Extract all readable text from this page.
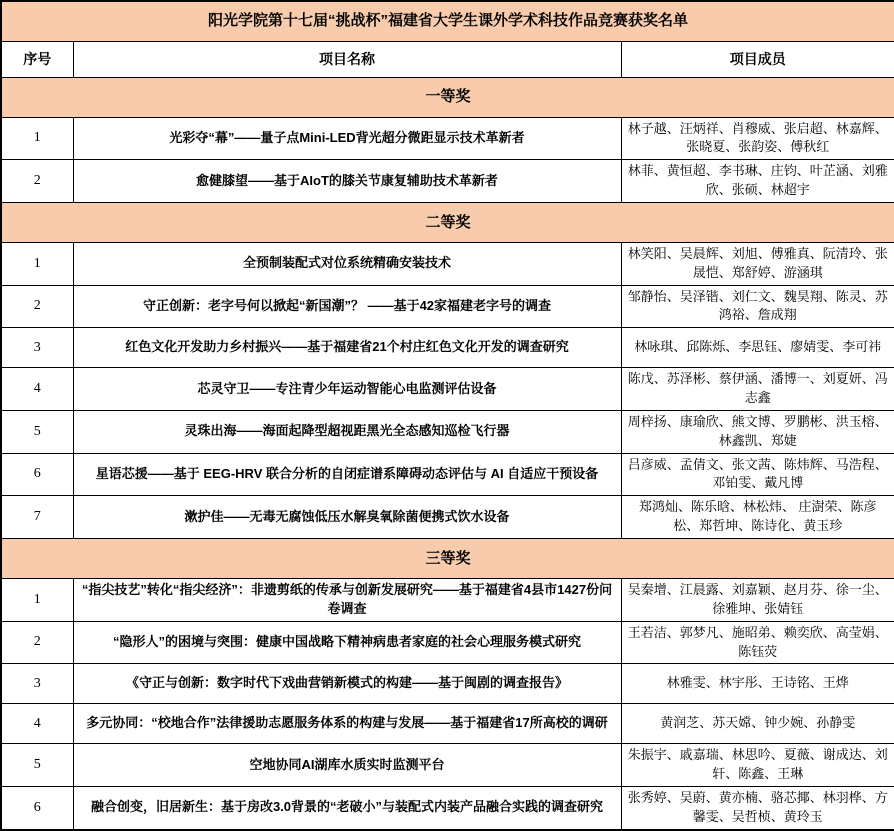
阳光学院第十七届“挑战杯”福建省大学生课外学术科技作品竞赛获奖名单		
序号	项目名称	项目成员
一等奖		
1	光彩夺“幕”——量子点Mini-LED背光超分微距显示技术革新者	林子越、汪炳祥、肖穆威、张启超、林嘉辉、张晓夏、张韵姿、傅秋红
2	愈健膝望——基于AIoT的膝关节康复辅助技术革新者	林菲、黄恒超、李书琳、庄钧、叶芷涵、刘雅欣、张硕、林超宇
二等奖		
1	全预制装配式对位系统精确安装技术	林笑阳、吴晨辉、刘旭、傅雅真、阮清玲、张晟恺、郑舒婷、游涵琪
2	守正创新：老字号何以掀起“新国潮”？ ——基于42家福建老字号的调查	邹静怡、吴泽锴、刘仁文、魏昊翔、陈灵、苏鸿裕、詹成翔
3	红色文化开发助力乡村振兴——基于福建省21个村庄红色文化开发的调查研究	林咏琪、邱陈烁、李思钰、廖婧雯、李可祎
4	芯灵守卫——专注青少年运动智能心电监测评估设备	陈戊、苏泽彬、蔡伊涵、潘博一、刘夏妍、冯志鑫
5	灵珠出海——海面起降型超视距黑光全态感知巡检飞行器	周梓扬、康瑜欣、熊文博、罗鹏彬、洪玉榕、林鑫凯、郑婕
6	星语芯援——基于 EEG-HRV 联合分析的自闭症谱系障碍动态评估与 AI 自适应干预设备	吕彦威、孟倩文、张文茜、陈炜辉、马浩程、邓铂雯、戴凡博
7	漱护佳——无毒无腐蚀低压水解臭氧除菌便携式饮水设备	郑鸿灿、陈乐晗、林松炜、 庄澍荣、陈彦松、郑哲坤、陈诗化、黄玉珍
三等奖		
1	“指尖技艺”转化“指尖经济”：非遗剪纸的传承与创新发展研究——基于福建省4县市1427份问卷调查	吴秦增、江晨露、刘嘉颖、赵月芬、徐一尘、徐雅坤、张婧钰
2	“隐形人”的困境与突围：健康中国战略下精神病患者家庭的社会心理服务模式研究	王若洁、郭梦凡、施昭弟、赖奕欣、高莹娟、陈钰荧
3	《守正与创新：数字时代下戏曲营销新模式的构建——基于闽剧的调查报告》	林雅雯、林宇彤、王诗铭、王烨
4	多元协同：“校地合作”法律援助志愿服务体系的构建与发展——基于福建省17所高校的调研	黄润芝、苏天嫦、钟少婉、孙静雯
5	空地协同AI湖库水质实时监测平台	朱振宇、戚嘉瑞、林思吟、夏薇、谢成达、刘轩、陈鑫、王琳
6	融合创变，旧居新生：基于房改3.0背景的“老破小”与装配式内装产品融合实践的调查研究	张秀婷、吴蔚、黄亦楠、骆芯揶、林羽桦、方馨雯、吴哲桢、黄玲玉
